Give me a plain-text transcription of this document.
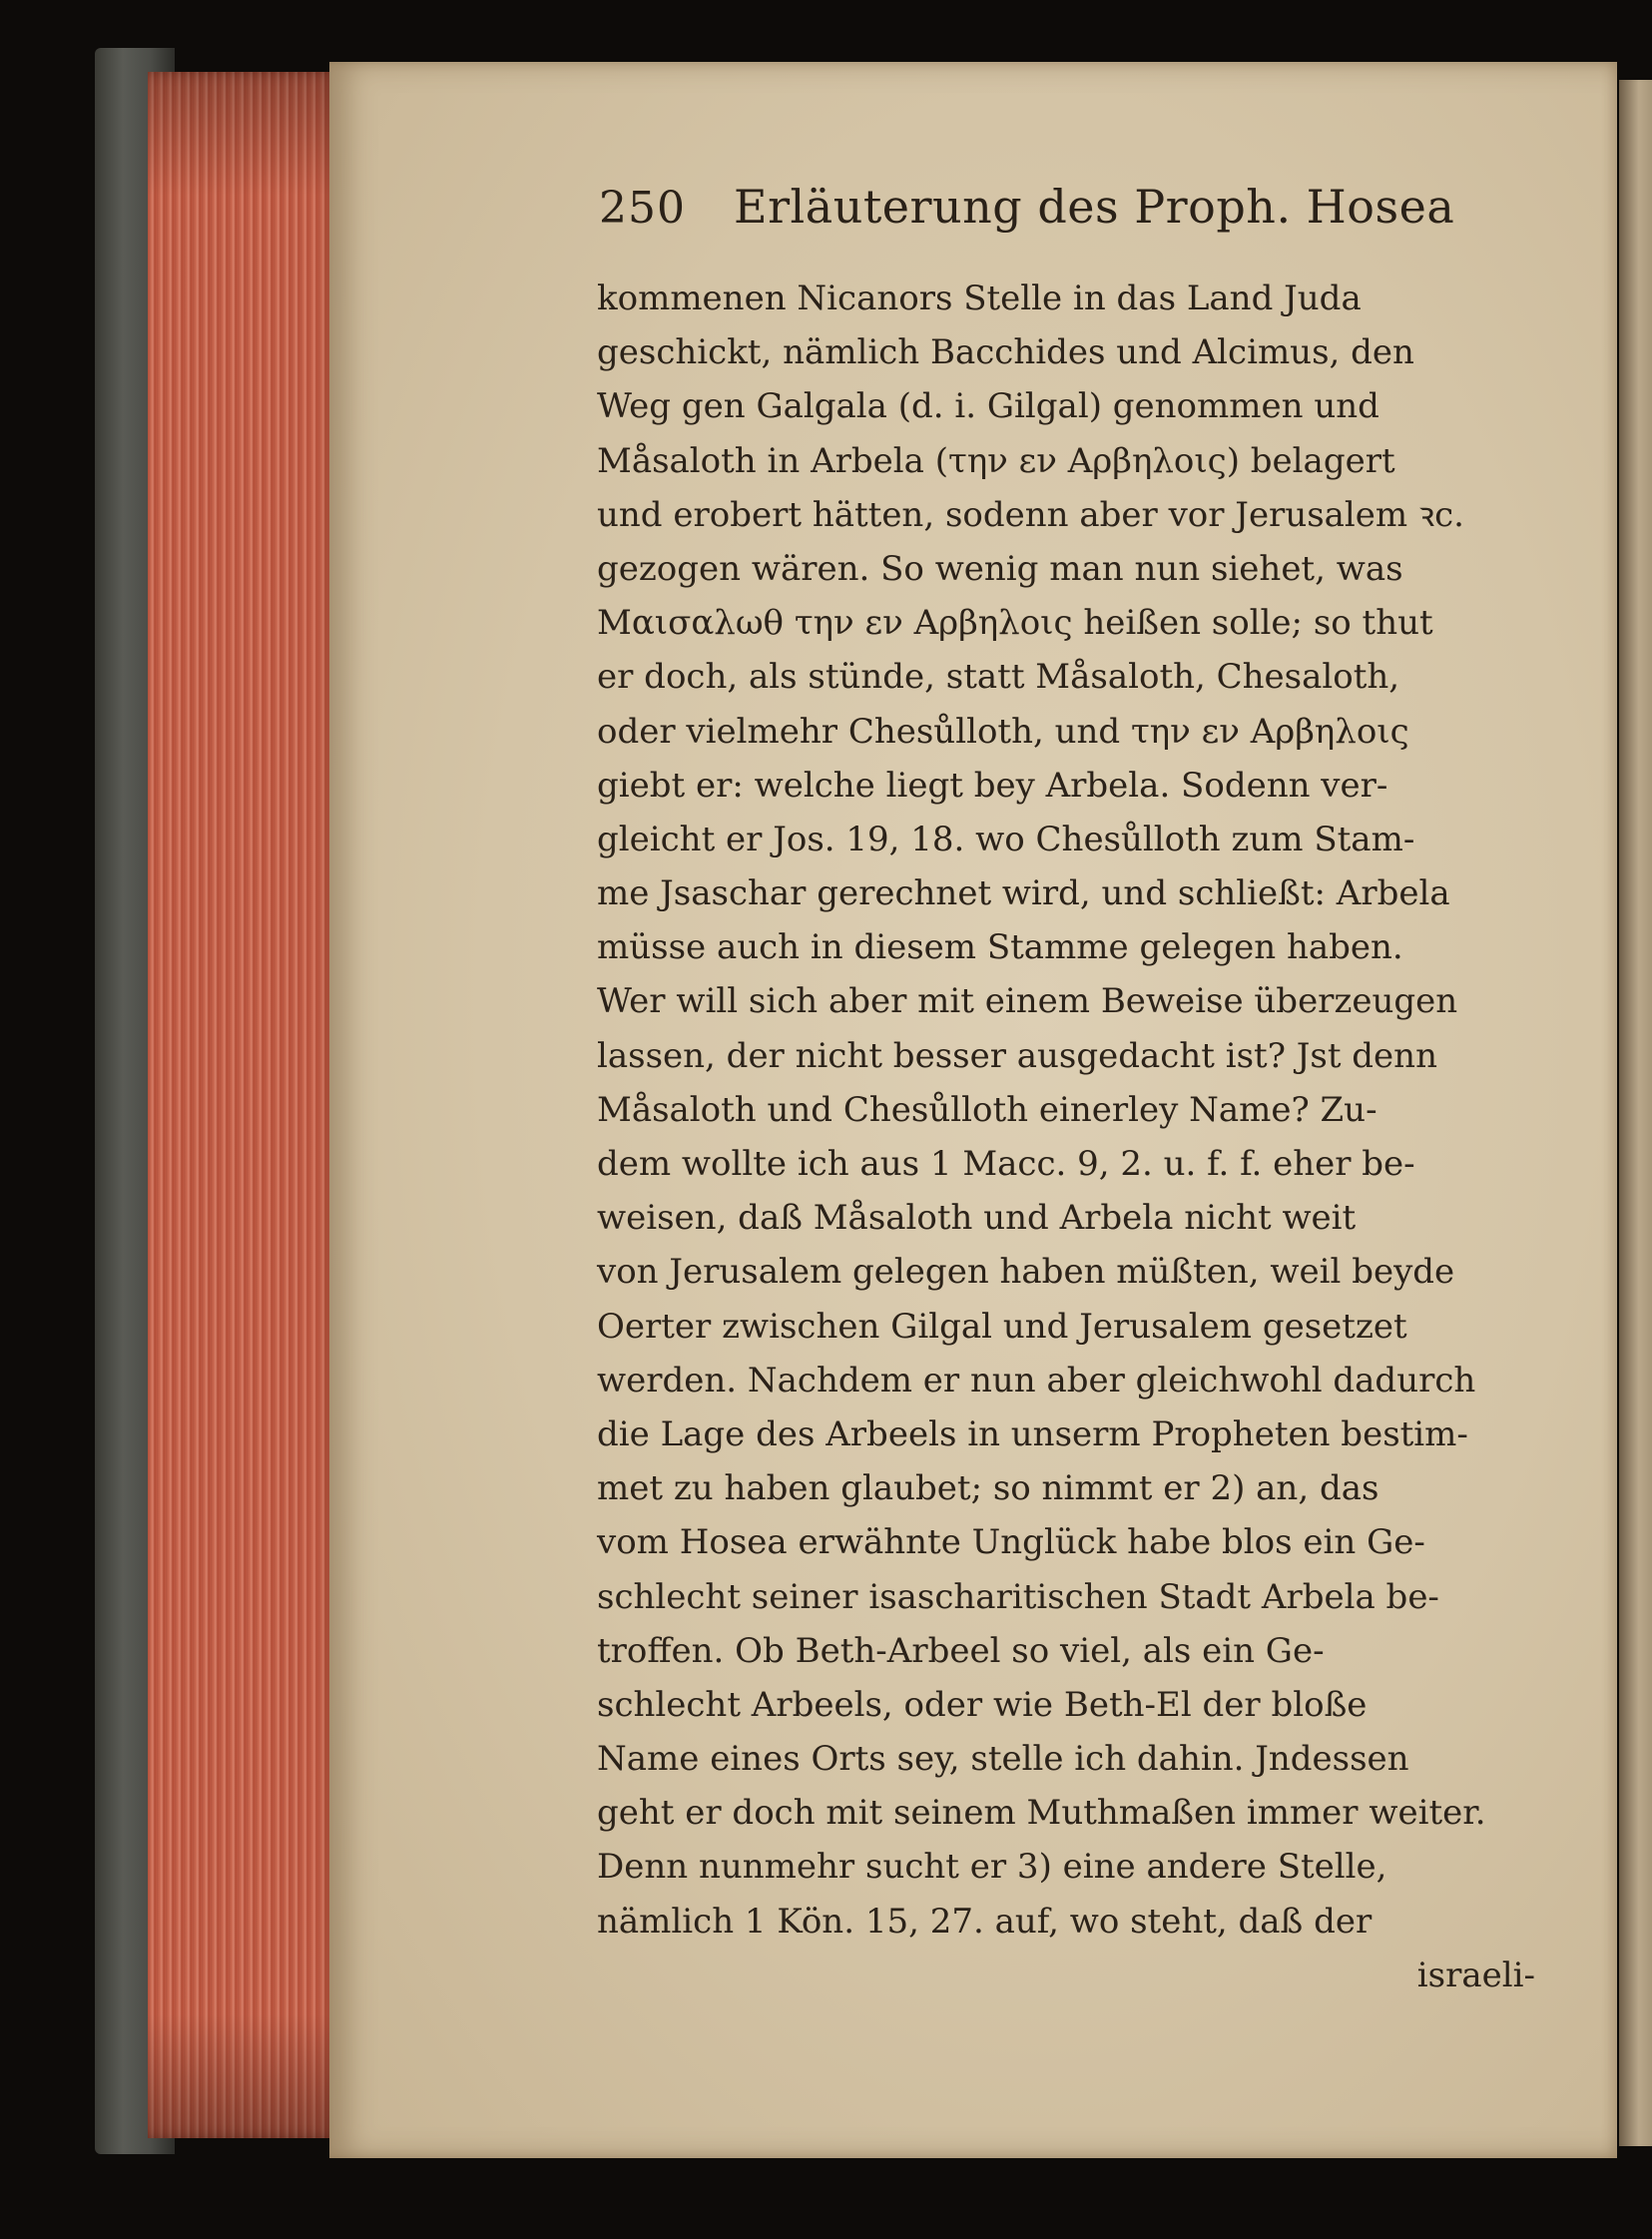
250 Erläuterung des Proph. Hosea
kommenen Nicanors Stelle in das Land Juda
geschickt, nämlich Bacchides und Alcimus, den
Weg gen Galgala (d. i. Gilgal) genommen und
Måsaloth in Arbela (την εν Αρβηλοις) belagert
und erobert hätten, sodenn aber vor Jerusalem ꝛc.
gezogen wären. So wenig man nun siehet, was
Μαισαλωθ την εν Αρβηλοις heißen solle; so thut
er doch, als stünde, statt Måsaloth, Chesaloth,
oder vielmehr Chesůlloth, und την εν Αρβηλοις
giebt er: welche liegt bey Arbela. Sodenn ver-
gleicht er Jos. 19, 18. wo Chesůlloth zum Stam-
me Jsaschar gerechnet wird, und schließt: Arbela
müsse auch in diesem Stamme gelegen haben.
Wer will sich aber mit einem Beweise überzeugen
lassen, der nicht besser ausgedacht ist? Jst denn
Måsaloth und Chesůlloth einerley Name? Zu-
dem wollte ich aus 1 Macc. 9, 2. u. f. f. eher be-
weisen, daß Måsaloth und Arbela nicht weit
von Jerusalem gelegen haben müßten, weil beyde
Oerter zwischen Gilgal und Jerusalem gesetzet
werden. Nachdem er nun aber gleichwohl dadurch
die Lage des Arbeels in unserm Propheten bestim-
met zu haben glaubet; so nimmt er 2) an, das
vom Hosea erwähnte Unglück habe blos ein Ge-
schlecht seiner isascharitischen Stadt Arbela be-
troffen. Ob Beth-Arbeel so viel, als ein Ge-
schlecht Arbeels, oder wie Beth-El der bloße
Name eines Orts sey, stelle ich dahin. Jndessen
geht er doch mit seinem Muthmaßen immer weiter.
Denn nunmehr sucht er 3) eine andere Stelle,
nämlich 1 Kön. 15, 27. auf, wo steht, daß der
israeli-
